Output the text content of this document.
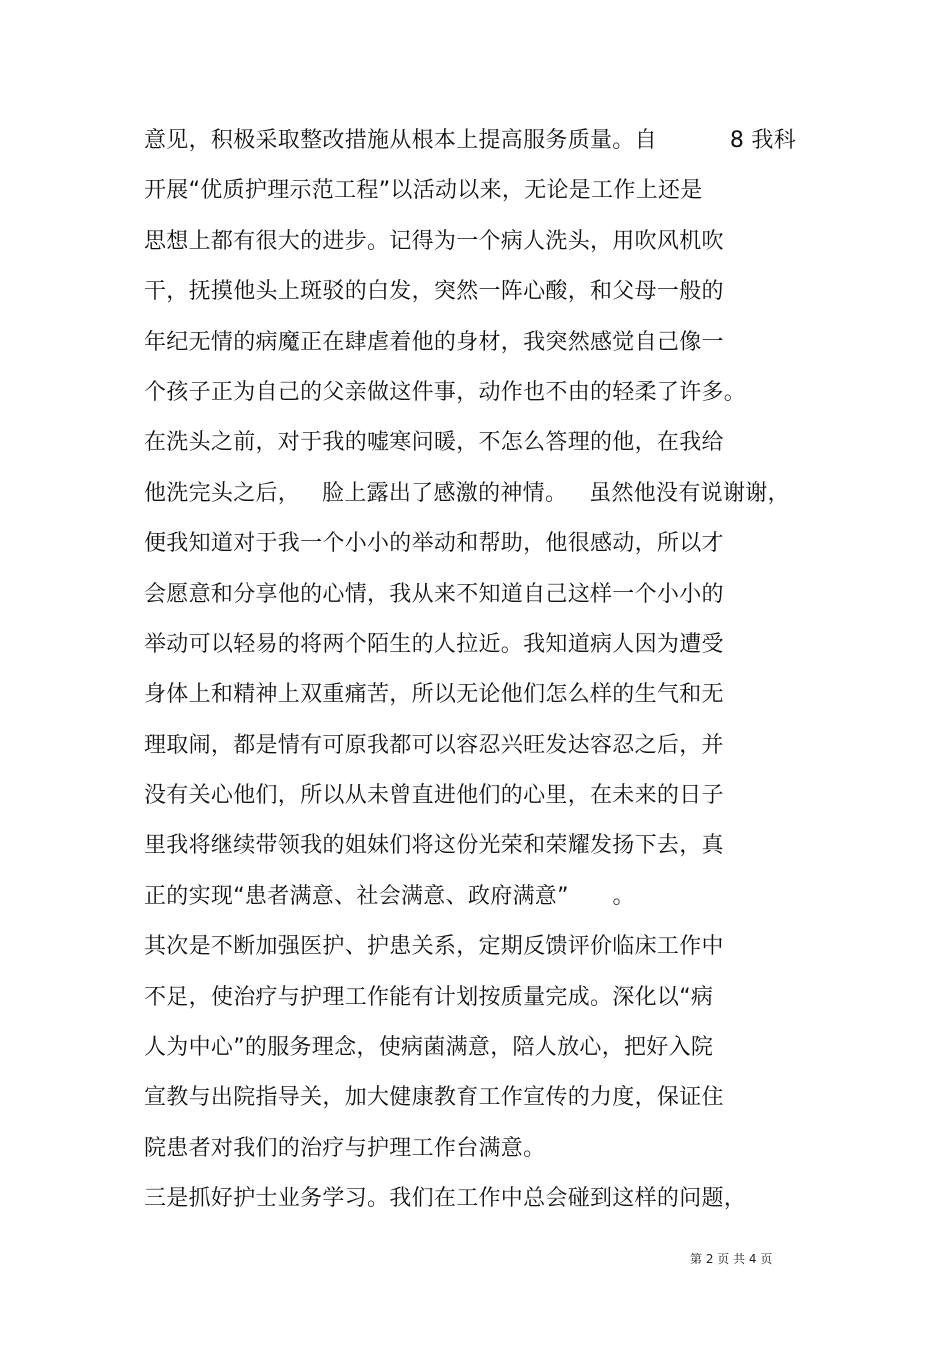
意见，积极采取整改措施从根本上提高服务质量。自          8 我科
开展“优质护理示范工程”以活动以来，无论是工作上还是
思想上都有很大的进步。记得为一个病人洗头，用吹风机吹
干，抚摸他头上斑驳的白发，突然一阵心酸，和父母一般的
年纪无情的病魔正在肆虐着他的身材，我突然感觉自己像一
个孩子正为自己的父亲做这件事，动作也不由的轻柔了许多。
在洗头之前，对于我的嘘寒问暖，不怎么答理的他，在我给
他洗完头之后，   脸上露出了感激的神情。   虽然他没有说谢谢，
便我知道对于我一个小小的举动和帮助，他很感动，所以才
会愿意和分享他的心情，我从来不知道自己这样一个小小的
举动可以轻易的将两个陌生的人拉近。我知道病人因为遭受
身体上和精神上双重痛苦，所以无论他们怎么样的生气和无
理取闹，都是情有可原我都可以容忍兴旺发达容忍之后，并
没有关心他们，所以从未曾直进他们的心里，在未来的日子
里我将继续带领我的姐妹们将这份光荣和荣耀发扬下去，真
正的实现“患者满意、社会满意、政府满意”      。
其次是不断加强医护、护患关系，定期反馈评价临床工作中
不足，使治疗与护理工作能有计划按质量完成。深化以“病
人为中心”的服务理念，使病菌满意，陪人放心，把好入院
宣教与出院指导关，加大健康教育工作宣传的力度，保证住
院患者对我们的治疗与护理工作台满意。
三是抓好护士业务学习。我们在工作中总会碰到这样的问题，
第 2 页 共 4 页
